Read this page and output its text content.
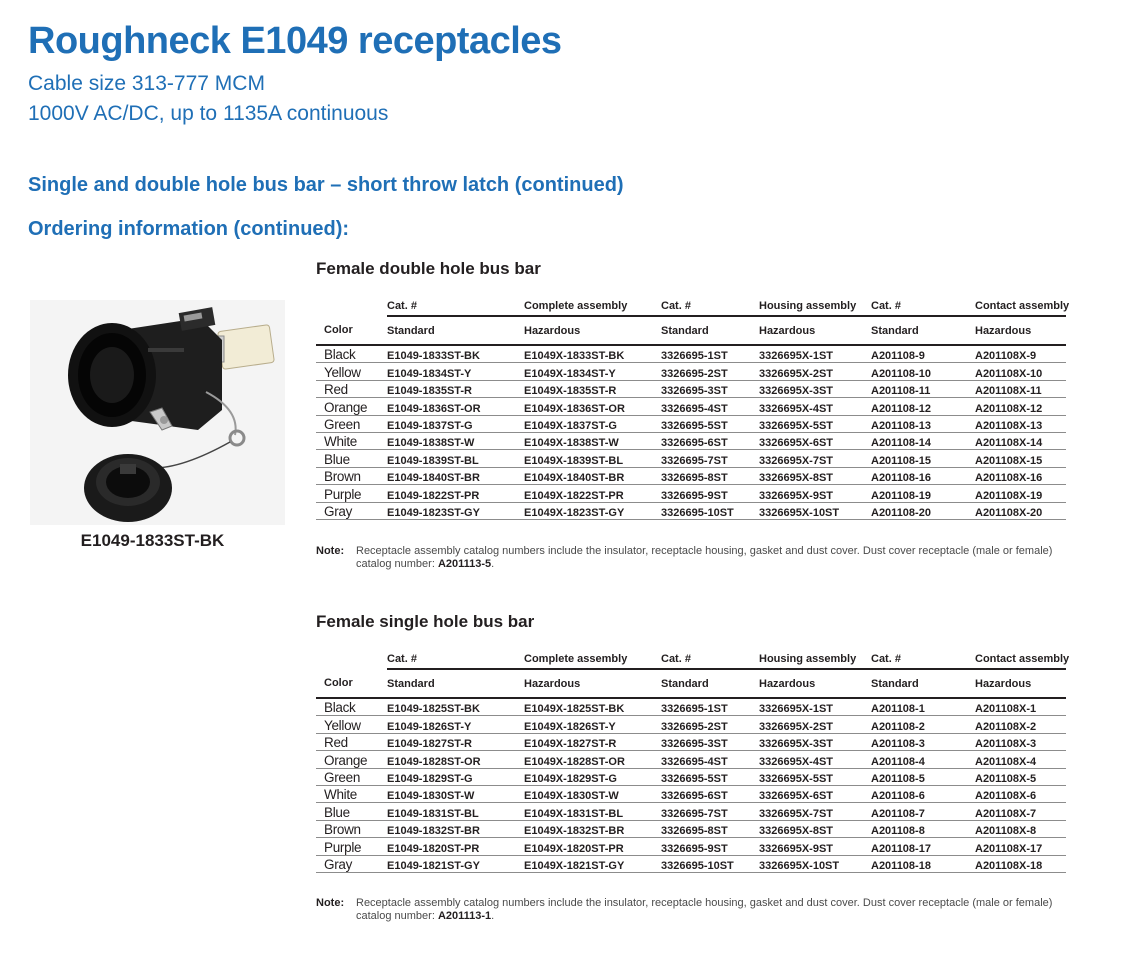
Roughneck E1049 receptacles
Cable size 313-777 MCM
1000V AC/DC, up to 1135A continuous
Single and double hole bus bar – short throw latch (continued)
Ordering information (continued):
E1049-1833ST-BK
Female double hole bus bar
	Cat. #	Complete assembly	Cat. #	Housing assembly	Cat. #	Contact assembly
Color	Standard	Hazardous	Standard	Hazardous	Standard	Hazardous
Black	E1049-1833ST-BK	E1049X-1833ST-BK	3326695-1ST	3326695X-1ST	A201108-9	A201108X-9
Yellow	E1049-1834ST-Y	E1049X-1834ST-Y	3326695-2ST	3326695X-2ST	A201108-10	A201108X-10
Red	E1049-1835ST-R	E1049X-1835ST-R	3326695-3ST	3326695X-3ST	A201108-11	A201108X-11
Orange	E1049-1836ST-OR	E1049X-1836ST-OR	3326695-4ST	3326695X-4ST	A201108-12	A201108X-12
Green	E1049-1837ST-G	E1049X-1837ST-G	3326695-5ST	3326695X-5ST	A201108-13	A201108X-13
White	E1049-1838ST-W	E1049X-1838ST-W	3326695-6ST	3326695X-6ST	A201108-14	A201108X-14
Blue	E1049-1839ST-BL	E1049X-1839ST-BL	3326695-7ST	3326695X-7ST	A201108-15	A201108X-15
Brown	E1049-1840ST-BR	E1049X-1840ST-BR	3326695-8ST	3326695X-8ST	A201108-16	A201108X-16
Purple	E1049-1822ST-PR	E1049X-1822ST-PR	3326695-9ST	3326695X-9ST	A201108-19	A201108X-19
Gray	E1049-1823ST-GY	E1049X-1823ST-GY	3326695-10ST	3326695X-10ST	A201108-20	A201108X-20
Note: Receptacle assembly catalog numbers include the insulator, receptacle housing, gasket and dust cover. Dust cover receptacle (male or female) catalog number: A201113-5.
Female single hole bus bar
	Cat. #	Complete assembly	Cat. #	Housing assembly	Cat. #	Contact assembly
Color	Standard	Hazardous	Standard	Hazardous	Standard	Hazardous
Black	E1049-1825ST-BK	E1049X-1825ST-BK	3326695-1ST	3326695X-1ST	A201108-1	A201108X-1
Yellow	E1049-1826ST-Y	E1049X-1826ST-Y	3326695-2ST	3326695X-2ST	A201108-2	A201108X-2
Red	E1049-1827ST-R	E1049X-1827ST-R	3326695-3ST	3326695X-3ST	A201108-3	A201108X-3
Orange	E1049-1828ST-OR	E1049X-1828ST-OR	3326695-4ST	3326695X-4ST	A201108-4	A201108X-4
Green	E1049-1829ST-G	E1049X-1829ST-G	3326695-5ST	3326695X-5ST	A201108-5	A201108X-5
White	E1049-1830ST-W	E1049X-1830ST-W	3326695-6ST	3326695X-6ST	A201108-6	A201108X-6
Blue	E1049-1831ST-BL	E1049X-1831ST-BL	3326695-7ST	3326695X-7ST	A201108-7	A201108X-7
Brown	E1049-1832ST-BR	E1049X-1832ST-BR	3326695-8ST	3326695X-8ST	A201108-8	A201108X-8
Purple	E1049-1820ST-PR	E1049X-1820ST-PR	3326695-9ST	3326695X-9ST	A201108-17	A201108X-17
Gray	E1049-1821ST-GY	E1049X-1821ST-GY	3326695-10ST	3326695X-10ST	A201108-18	A201108X-18
Note: Receptacle assembly catalog numbers include the insulator, receptacle housing, gasket and dust cover. Dust cover receptacle (male or female) catalog number: A201113-1.
